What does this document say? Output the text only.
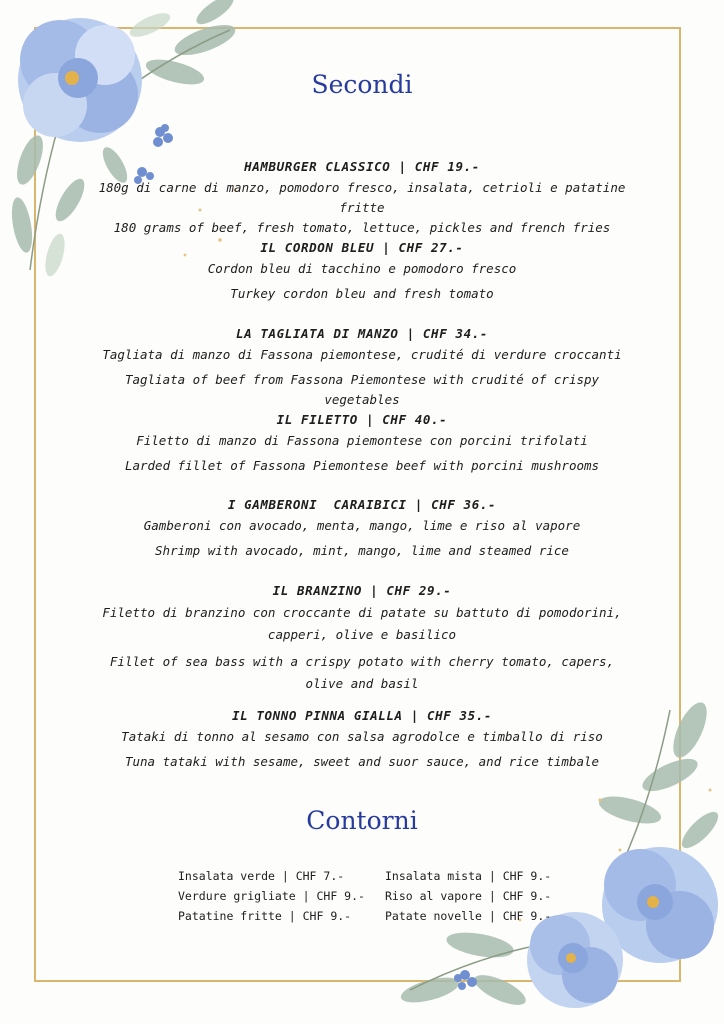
Secondi
HAMBURGER CLASSICO | CHF 19.-
180g di carne di manzo, pomodoro fresco, insalata, cetrioli e patatine fritte
180 grams of beef, fresh tomato, lettuce, pickles and french fries
IL CORDON BLEU | CHF 27.-
Cordon bleu di tacchino e pomodoro fresco
Turkey cordon bleu and fresh tomato
LA TAGLIATA DI MANZO | CHF 34.-
Tagliata di manzo di Fassona piemontese, crudité di verdure croccanti
Tagliata of beef from Fassona Piemontese with crudité of crispy vegetables
IL FILETTO | CHF 40.-
Filetto di manzo di Fassona piemontese con porcini trifolati
Larded fillet of Fassona Piemontese beef with porcini mushrooms
I GAMBERONI  CARAIBICI | CHF 36.-
Gamberoni con avocado, menta, mango, lime e riso al vapore
Shrimp with avocado, mint, mango, lime and steamed rice
IL BRANZINO | CHF 29.-
Filetto di branzino con croccante di patate su battuto di pomodorini,
capperi, olive e basilico
Fillet of sea bass with a crispy potato with cherry tomato, capers,
olive and basil
IL TONNO PINNA GIALLA | CHF 35.-
Tataki di tonno al sesamo con salsa agrodolce e timballo di riso
Tuna tataki with sesame, sweet and suor sauce, and rice timbale
Contorni
Insalata verde | CHF 7.-
Verdure grigliate | CHF 9.-
Patatine fritte | CHF 9.-
Insalata mista | CHF 9.-
Riso al vapore | CHF 9.-
Patate novelle | CHF 9.-
